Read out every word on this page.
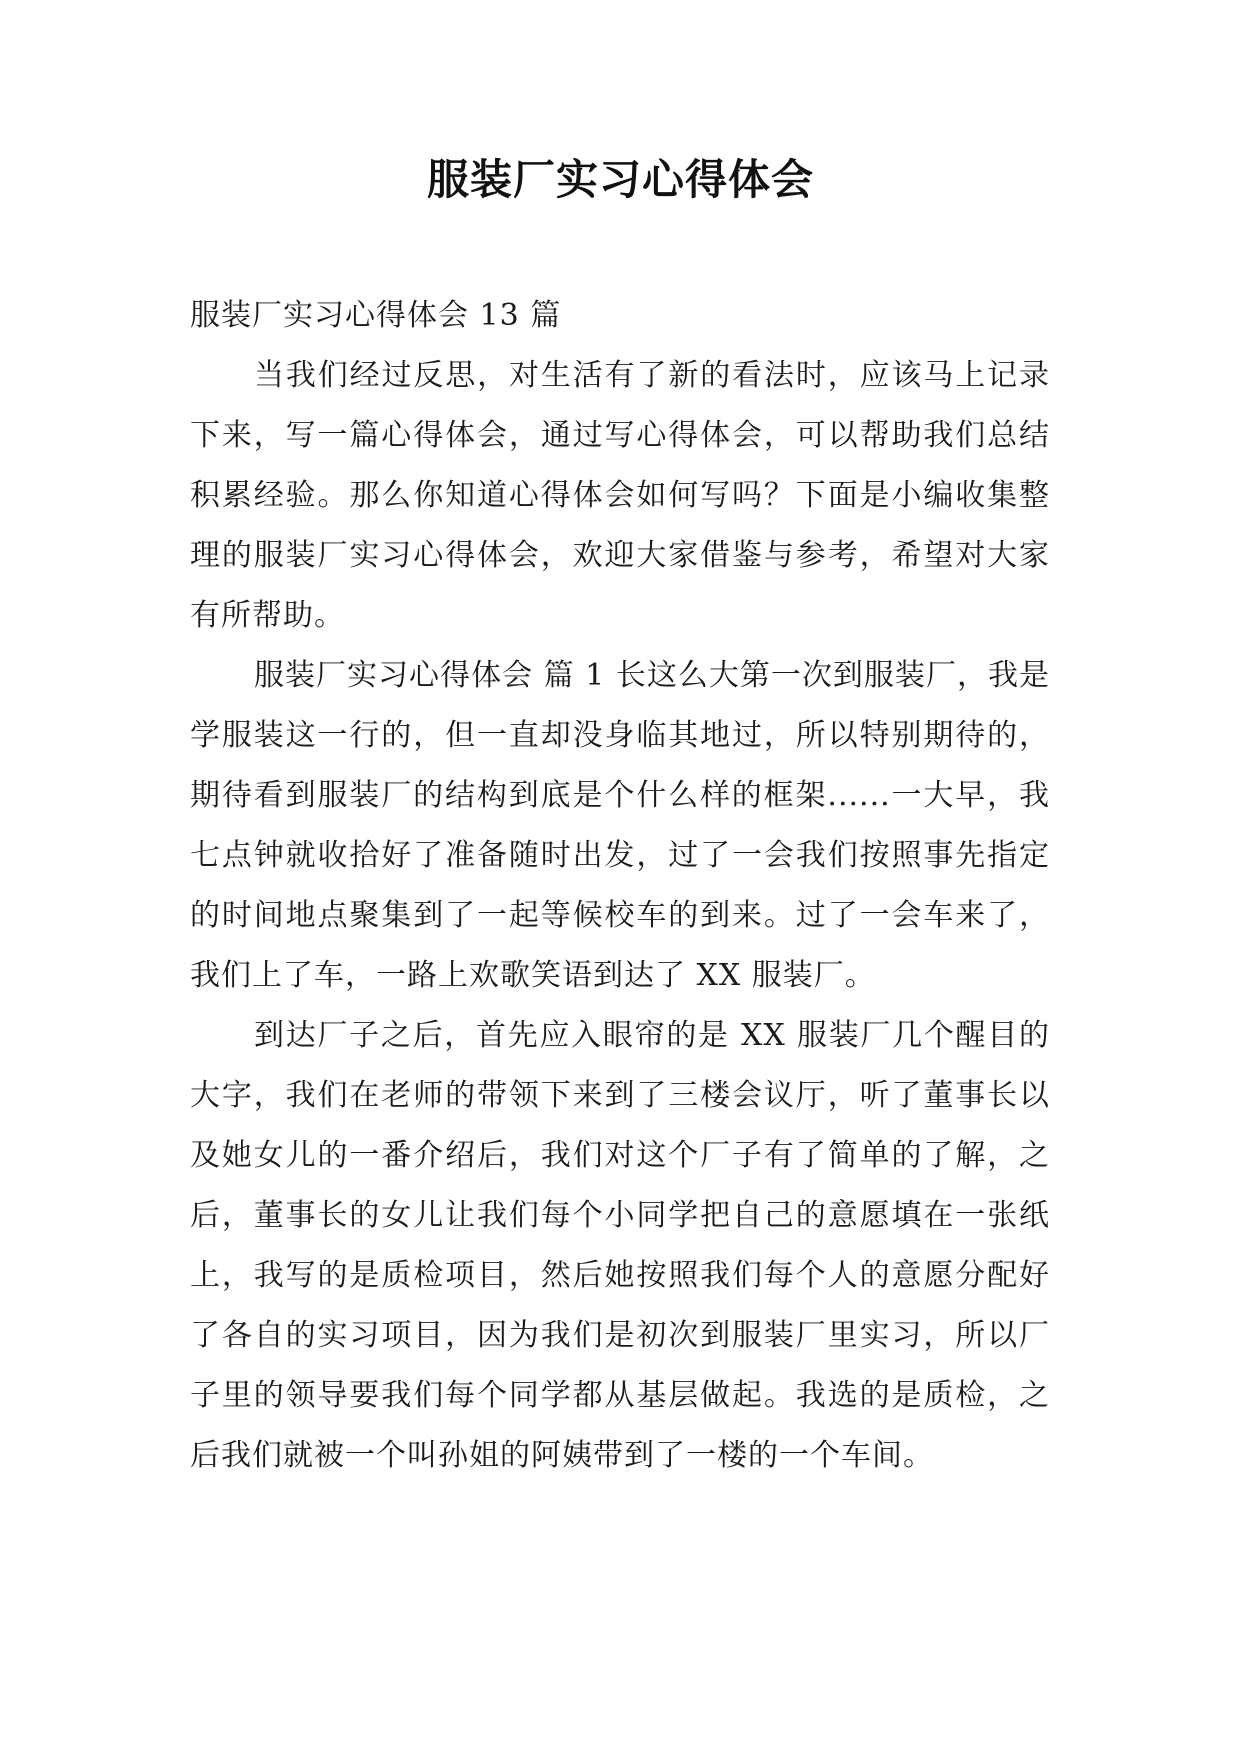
服装厂实习心得体会

服装厂实习心得体会 13 篇

当我们经过反思，对生活有了新的看法时，应该马上记录下来，写一篇心得体会，通过写心得体会，可以帮助我们总结积累经验。那么你知道心得体会如何写吗？下面是小编收集整理的服装厂实习心得体会，欢迎大家借鉴与参考，希望对大家有所帮助。

服装厂实习心得体会 篇 1 长这么大第一次到服装厂，我是学服装这一行的，但一直却没身临其地过，所以特别期待的，期待看到服装厂的结构到底是个什么样的框架......一大早，我七点钟就收拾好了准备随时出发，过了一会我们按照事先指定的时间地点聚集到了一起等候校车的到来。过了一会车来了，我们上了车，一路上欢歌笑语到达了 XX 服装厂。

到达厂子之后，首先应入眼帘的是 XX 服装厂几个醒目的大字，我们在老师的带领下来到了三楼会议厅，听了董事长以及她女儿的一番介绍后，我们对这个厂子有了简单的了解，之后，董事长的女儿让我们每个小同学把自己的意愿填在一张纸上，我写的是质检项目，然后她按照我们每个人的意愿分配好了各自的实习项目，因为我们是初次到服装厂里实习，所以厂子里的领导要我们每个同学都从基层做起。我选的是质检，之后我们就被一个叫孙姐的阿姨带到了一楼的一个车间。
